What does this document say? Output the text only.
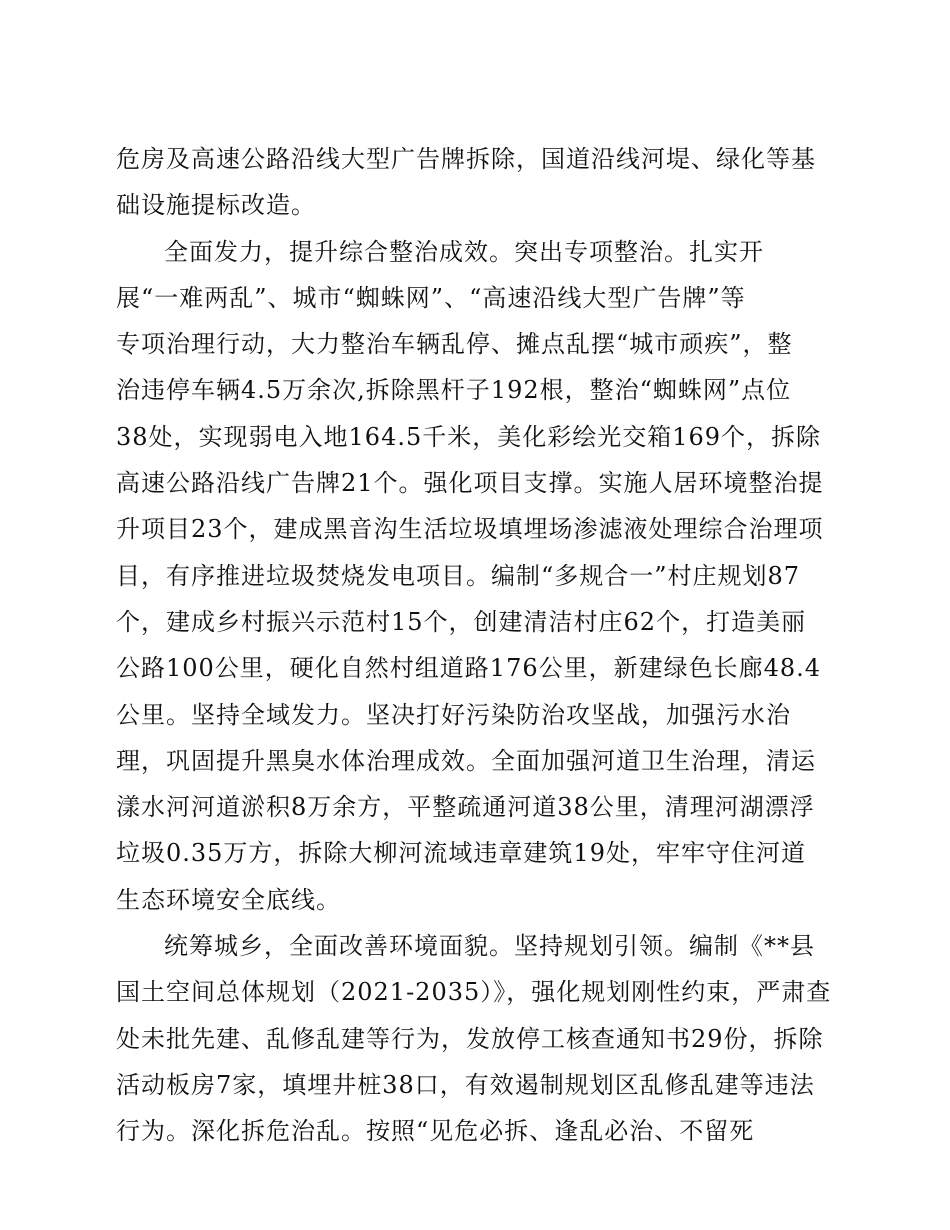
危房及高速公路沿线大型广告牌拆除，国道沿线河堤、绿化等基
础设施提标改造。
全面发力，提升综合整治成效。突出专项整治。扎实开
展“一难两乱”、城市“蜘蛛网”、“高速沿线大型广告牌”等
专项治理行动，大力整治车辆乱停、摊点乱摆“城市顽疾”，整
治违停车辆4.5万余次,拆除黑杆子192根，整治“蜘蛛网”点位
38处，实现弱电入地164.5千米，美化彩绘光交箱169个，拆除
高速公路沿线广告牌21个。强化项目支撑。实施人居环境整治提
升项目23个，建成黑音沟生活垃圾填埋场渗滤液处理综合治理项
目，有序推进垃圾焚烧发电项目。编制“多规合一”村庄规划87
个，建成乡村振兴示范村15个，创建清洁村庄62个，打造美丽
公路100公里，硬化自然村组道路176公里，新建绿色长廊48.4
公里。坚持全域发力。坚决打好污染防治攻坚战，加强污水治
理，巩固提升黑臭水体治理成效。全面加强河道卫生治理，清运
漾水河河道淤积8万余方，平整疏通河道38公里，清理河湖漂浮
垃圾0.35万方，拆除大柳河流域违章建筑19处，牢牢守住河道
生态环境安全底线。
统筹城乡，全面改善环境面貌。坚持规划引领。编制《**县
国土空间总体规划（2021-2035）》，强化规划刚性约束，严肃查
处未批先建、乱修乱建等行为，发放停工核查通知书29份，拆除
活动板房7家，填埋井桩38口，有效遏制规划区乱修乱建等违法
行为。深化拆危治乱。按照“见危必拆、逢乱必治、不留死
